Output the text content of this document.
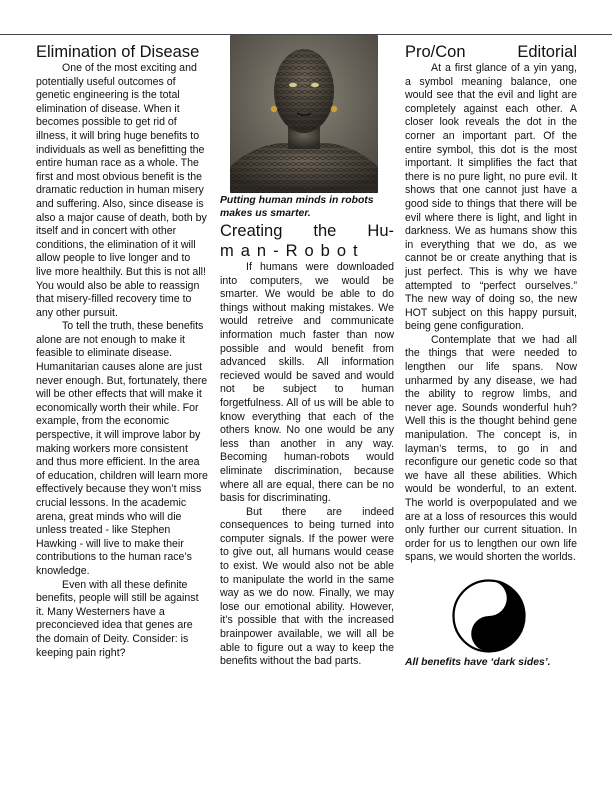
Elimination of Disease

One of the most exciting and potentially useful outcomes of genetic engineering is the total elimination of disease. When it becomes possible to get rid of illness, it will bring huge benefits to individuals as well as benefitting the entire human race as a whole. The first and most obvious benefit is the dramatic reduction in human misery and suffering. Also, since disease is also a major cause of death, both by itself and in concert with other conditions, the elimination of it will allow people to live longer and to live more healthily. But this is not all! You would also be able to reassign that misery-filled recovery time to any other pursuit.

To tell the truth, these benefits alone are not enough to make it feasible to eliminate disease. Humanitarian causes alone are just never enough. But, fortunately, there will be other effects that will make it economically worth their while. For example, from the economic perspective, it will improve labor by making workers more consistent and thus more efficient. In the area of education, children will learn more effectively because they won’t miss crucial lessons. In the academic arena, great minds who will die unless treated - like Stephen Hawking - will live to make their contributions to the human race’s knowledge.

Even with all these definite benefits, people will still be against it. Many Westerners have a preconcieved idea that genes are the domain of Deity. Consider: is keeping pain right?

Putting human minds in robots makes us smarter.
Creating the Hu-
man-Robot

If humans were downloaded into computers, we would be smarter. We would be able to do things without making mistakes. We would retreive and communicate information much faster than now possible and would benefit from advanced skills. All information recieved would be saved and would not be subject to human forgetfulness. All of us will be able to know everything that each of the others know. No one would be any less than another in any way. Becoming human-robots would eliminate discrimination, because where all are equal, there can be no basis for discriminating.

But there are indeed consequences to being turned into computer signals. If the power were to give out, all humans would cease to exist. We would also not be able to manipulate the world in the same way as we do now. Finally, we may lose our emotional ability. However, it’s possible that with the increased brainpower available, we will all be able to figure out a way to keep the benefits without the bad parts.

Pro/Con	Editorial

At a first glance of a yin yang, a symbol meaning balance, one would see that the evil and light are completely against each other. A closer look reveals the dot in the corner an important part. Of the entire symbol, this dot is the most important. It simplifies the fact that there is no pure light, no pure evil. It shows that one cannot just have a good side to things that there will be evil where there is light, and light in darkness. We as humans show this in everything that we do, as we cannot be or create anything that is just perfect. This is why we have attempted to “perfect ourselves.” The new way of doing so, the new HOT subject on this happy pursuit, being gene configuration.

Contemplate that we had all the things that were needed to lengthen our life spans. Now unharmed by any disease, we had the ability to regrow limbs, and never age. Sounds wonderful huh? Well this is the thought behind gene manipulation. The concept is, in layman’s terms, to go in and reconfigure our genetic code so that we have all these abilities. Which would be wonderful, to an extent. The world is overpopulated and we are at a loss of resources this would only further our current situation. In order for us to lengthen our own life spans, we would shorten the worlds.

All benefits have ‘dark sides’.
